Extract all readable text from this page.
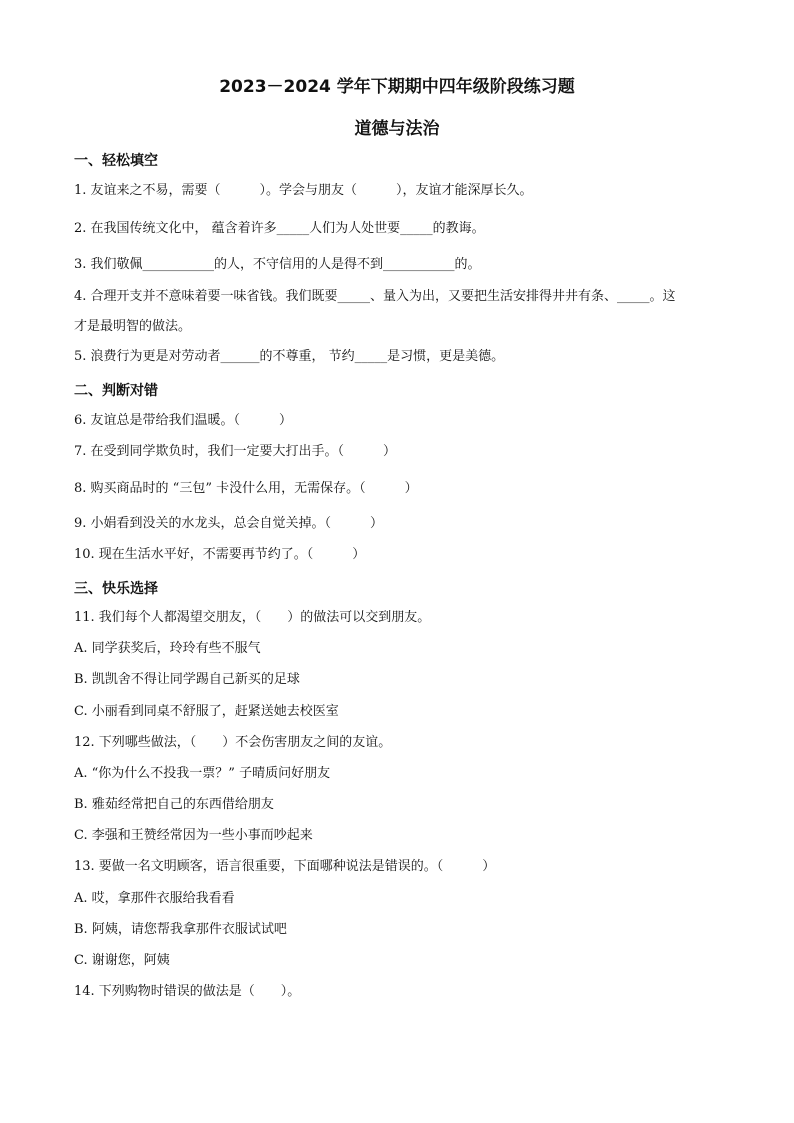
2023－2024 学年下期期中四年级阶段练习题
道德与法治
一、轻松填空
1. 友谊来之不易，需要（　　　）。学会与朋友（　　　），友谊才能深厚长久。
2. 在我国传统文化中， 蕴含着许多_____人们为人处世要_____的教诲。
3. 我们敬佩___________的人，不守信用的人是得不到___________的。
4. 合理开支并不意味着要一味省钱。我们既要_____、量入为出，又要把生活安排得井井有条、_____。这
才是最明智的做法。
5. 浪费行为更是对劳动者______的不尊重， 节约_____是习惯，更是美德。
二、判断对错
6. 友谊总是带给我们温暖。（　　　）
7. 在受到同学欺负时，我们一定要大打出手。（　　　）
8. 购买商品时的 “三包” 卡没什么用，无需保存。（　　　）
9. 小娟看到没关的水龙头，总会自觉关掉。（　　　）
10. 现在生活水平好，不需要再节约了。（　　　）
三、快乐选择
11. 我们每个人都渴望交朋友，（　　）的做法可以交到朋友。
A. 同学获奖后，玲玲有些不服气
B. 凯凯舍不得让同学踢自己新买的足球
C. 小丽看到同桌不舒服了，赶紧送她去校医室
12. 下列哪些做法，（　　）不会伤害朋友之间的友谊。
A. “你为什么不投我一票？” 子晴质问好朋友
B. 雅茹经常把自己的东西借给朋友
C. 李强和王赞经常因为一些小事而吵起来
13. 要做一名文明顾客，语言很重要，下面哪种说法是错误的。（　　　）
A. 哎，拿那件衣服给我看看
B. 阿姨，请您帮我拿那件衣服试试吧
C. 谢谢您，阿姨
14. 下列购物时错误的做法是（　　）。
